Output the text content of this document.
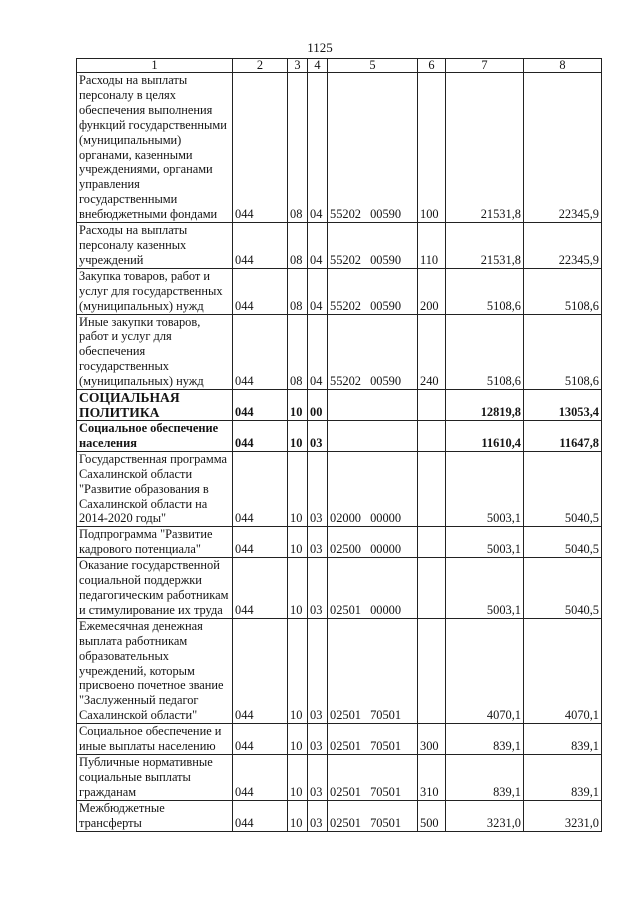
1125
1	2	3	4	5	6	7	8
Расходы на выплаты персоналу в целях обеспечения выполнения функций государственными (муниципальными) органами, казенными учреждениями, органами управления государственными внебюджетными фондами	044	08	04	55202 00590	100	21531,8	22345,9
Расходы на выплаты персоналу казенных учреждений	044	08	04	55202 00590	110	21531,8	22345,9
Закупка товаров, работ и услуг для государственных (муниципальных) нужд	044	08	04	55202 00590	200	5108,6	5108,6
Иные закупки товаров, работ и услуг для обеспечения государственных (муниципальных) нужд	044	08	04	55202 00590	240	5108,6	5108,6
СОЦИАЛЬНАЯ ПОЛИТИКА	044	10	00			12819,8	13053,4
Социальное обеспечение населения	044	10	03			11610,4	11647,8
Государственная программа Сахалинской области "Развитие образования в Сахалинской области на 2014-2020 годы"	044	10	03	02000 00000		5003,1	5040,5
Подпрограмма "Развитие кадрового потенциала"	044	10	03	02500 00000		5003,1	5040,5
Оказание государственной социальной поддержки педагогическим работникам и стимулирование их труда	044	10	03	02501 00000		5003,1	5040,5
Ежемесячная денежная выплата работникам образовательных учреждений, которым присвоено почетное звание "Заслуженный педагог Сахалинской области"	044	10	03	02501 70501		4070,1	4070,1
Социальное обеспечение и иные выплаты населению	044	10	03	02501 70501	300	839,1	839,1
Публичные нормативные социальные выплаты гражданам	044	10	03	02501 70501	310	839,1	839,1
Межбюджетные трансферты	044	10	03	02501 70501	500	3231,0	3231,0
